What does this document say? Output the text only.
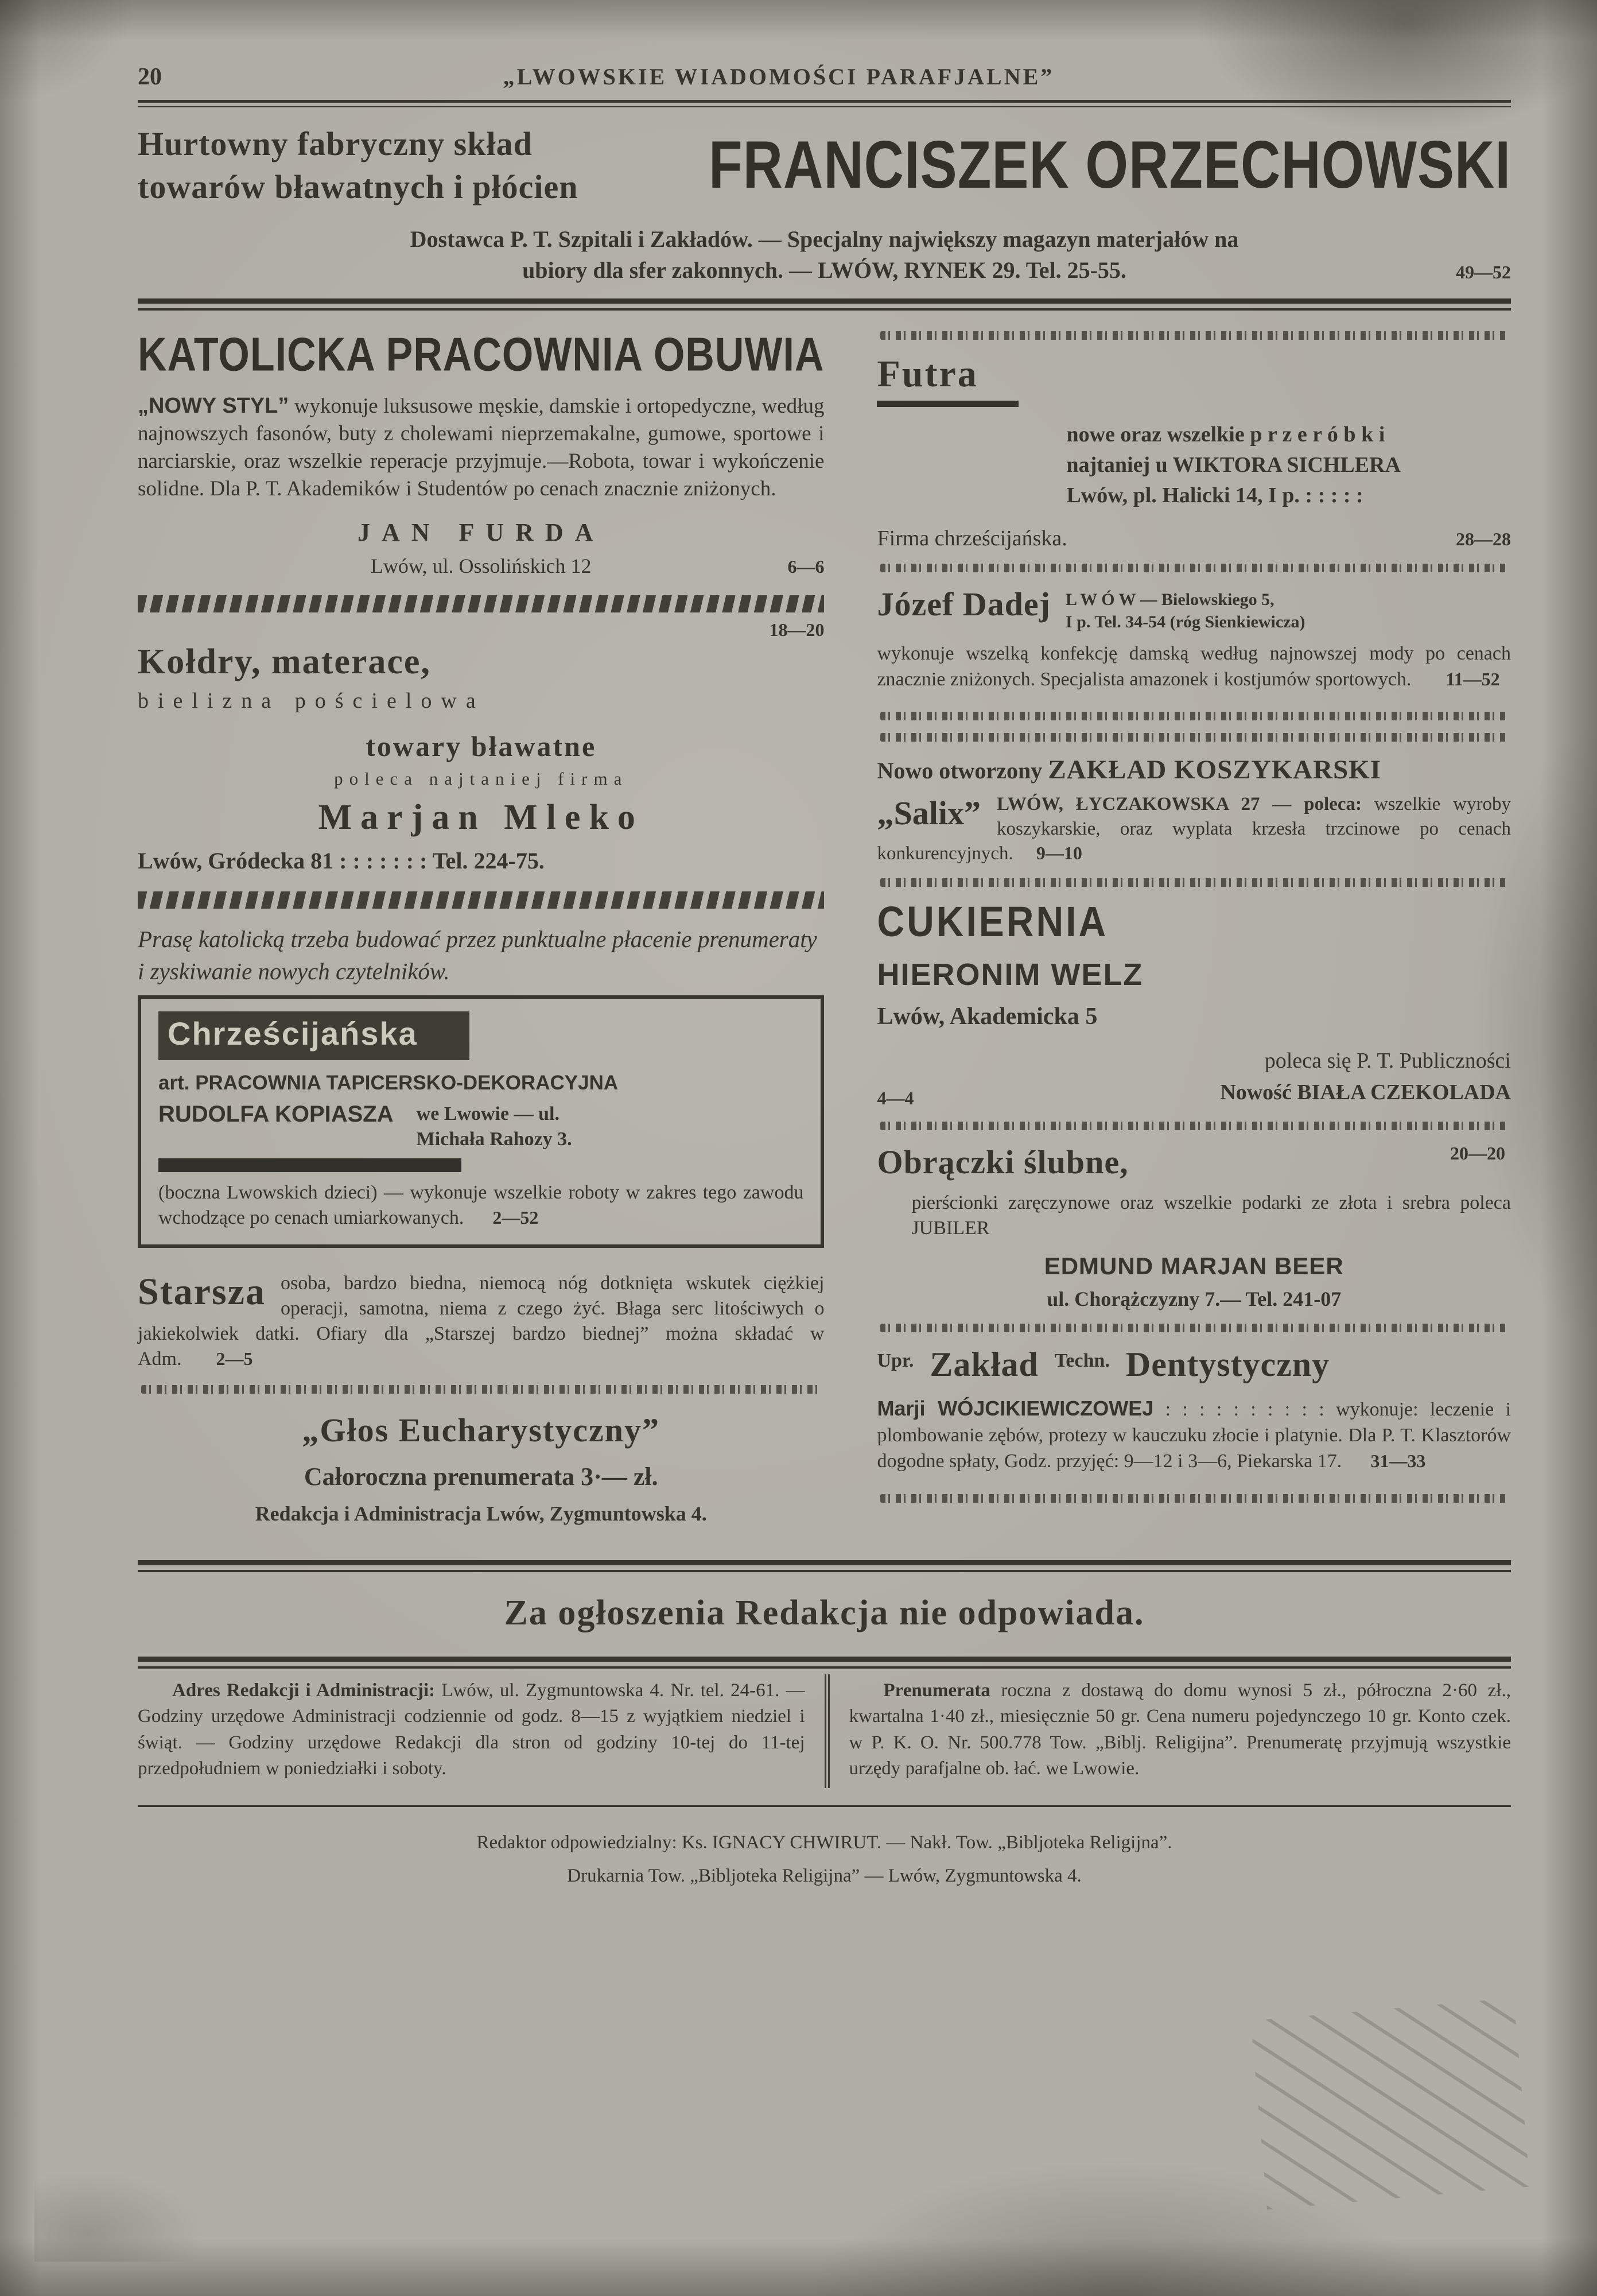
20	„LWOWSKIE WIADOMOŚCI PARAFJALNE”
Hurtowny fabryczny skład
towarów bławatnych i płócien	FRANCISZEK ORZECHOWSKI
Dostawca P. T. Szpitali i Zakładów. — Specjalny największy magazyn materjałów na
ubiory dla sfer zakonnych. — LWÓW, RYNEK 29. Tel. 25-55.	49—52
KATOLICKA PRACOWNIA OBUWIA

„NOWY STYL” wykonuje luksusowe męskie, damskie i ortopedyczne, według najnowszych fasonów, buty z cholewami nieprzemakalne, gumowe, sportowe i narciarskie, oraz wszelkie reperacje przyjmuje.—Robota, towar i wykończenie solidne. Dla P. T. Akademików i Studentów po cenach znacznie zniżonych.

JAN FURDA
Lwów, ul. Ossolińskich 12	6—6
18—20
Kołdry, materace,
bielizna pościelowa
towary bławatne
poleca najtaniej firma
Marjan Mleko
Lwów, Gródecka 81 : : : : : : : Tel. 224-75.

Prasę katolicką trzeba budować przez punktualne płacenie prenumeraty i zyskiwanie nowych czytelników.

Chrześcijańska
art. PRACOWNIA TAPICERSKO-DEKORACYJNA
RUDOLFA KOPIASZA we Lwowie — ul.
Michała Rahozy 3.

(boczna Lwowskich dzieci) — wykonuje wszelkie roboty w zakres tego zawodu wchodzące po cenach umiarkowanych. 2—52

Starsza osoba, bardzo biedna, niemocą nóg dotknięta wskutek ciężkiej operacji, samotna, niema z czego żyć. Błaga serc litościwych o jakiekolwiek datki. Ofiary dla „Starszej bardzo biednej” można składać w Adm. 2—5

„Głos Eucharystyczny”
Całoroczna prenumerata 3·— zł.
Redakcja i Administracja Lwów, Zygmuntowska 4.
Futra
nowe oraz wszelkie p r z e r ó b k i
najtaniej u WIKTORA SICHLERA
Lwów, pl. Halicki 14, I p. : : : : :
Firma chrześcijańska.	28—28
Józef Dadej L W Ó W — Bielowskiego 5,
I p. Tel. 34-54 (róg Sienkiewicza)

wykonuje wszelką konfekcję damską według najnowszej mody po cenach znacznie zniżonych. Specjalista amazonek i kostjumów sportowych. 11—52

Nowo otworzony ZAKŁAD KOSZYKARSKI

„Salix” LWÓW, ŁYCZAKOWSKA 27 — poleca: wszelkie wyroby koszykarskie, oraz wyplata krzesła trzcinowe po cenach konkurencyjnych. 9—10

CUKIERNIA
HIERONIM WELZ
Lwów, Akademicka 5
4—4
poleca się P. T. Publiczności
Nowość BIAŁA CZEKOLADA
Obrączki ślubne,	20—20

pierścionki zaręczynowe oraz wszelkie podarki ze złota i srebra poleca JUBILER

EDMUND MARJAN BEER
ul. Chorążczyzny 7.— Tel. 241-07
Upr. Zakład Techn. Dentystyczny

Marji WÓJCIKIEWICZOWEJ : : : : : : : : : : wykonuje: leczenie i plombowanie zębów, protezy w kauczuku złocie i platynie. Dla P. T. Klasztorów dogodne spłaty, Godz. przyjęć: 9—12 i 3—6, Piekarska 17. 31—33

Za ogłoszenia Redakcja nie odpowiada.

Adres Redakcji i Administracji: Lwów, ul. Zygmuntowska 4. Nr. tel. 24-61. — Godziny urzędowe Administracji codziennie od godz. 8—15 z wyjątkiem niedziel i świąt. — Godziny urzędowe Redakcji dla stron od godziny 10-tej do 11-tej przedpołudniem w poniedziałki i soboty.

Prenumerata roczna z dostawą do domu wynosi 5 zł., półroczna 2·60 zł., kwartalna 1·40 zł., miesięcznie 50 gr. Cena numeru pojedynczego 10 gr. Konto czek. w P. K. O. Nr. 500.778 Tow. „Biblj. Religijna”. Prenumeratę przyjmują wszystkie urzędy parafjalne ob. łać. we Lwowie.

Redaktor odpowiedzialny: Ks. IGNACY CHWIRUT. — Nakł. Tow. „Bibljoteka Religijna”.
Drukarnia Tow. „Bibljoteka Religijna” — Lwów, Zygmuntowska 4.
